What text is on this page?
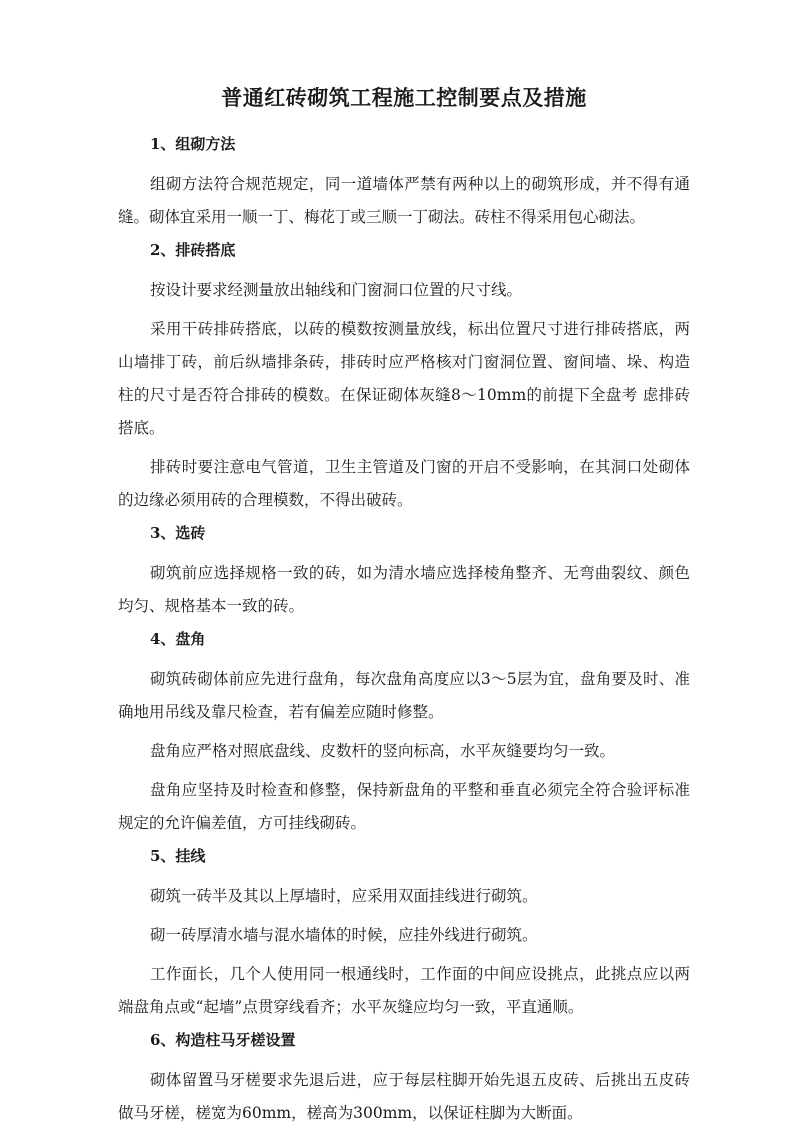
普通红砖砌筑工程施工控制要点及措施
1、组砌方法

组砌方法符合规范规定，同一道墙体严禁有两种以上的砌筑形成，并不得有通缝。砌体宜采用一顺一丁、梅花丁或三顺一丁砌法。砖柱不得采用包心砌法。

2、排砖搭底

按设计要求经测量放出轴线和门窗洞口位置的尺寸线。

采用干砖排砖搭底，以砖的模数按测量放线，标出位置尺寸进行排砖搭底，两山墙排丁砖，前后纵墙排条砖，排砖时应严格核对门窗洞位置、窗间墙、垛、构造柱的尺寸是否符合排砖的模数。在保证砌体灰缝8～10mm的前提下全盘考 虑排砖搭底。

排砖时要注意电气管道，卫生主管道及门窗的开启不受影响，在其洞口处砌体的边缘必须用砖的合理模数，不得出破砖。

3、选砖

砌筑前应选择规格一致的砖，如为清水墙应选择棱角整齐、无弯曲裂纹、颜色均匀、规格基本一致的砖。

4、盘角

砌筑砖砌体前应先进行盘角，每次盘角高度应以3～5层为宜，盘角要及时、准确地用吊线及靠尺检查，若有偏差应随时修整。

盘角应严格对照底盘线、皮数杆的竖向标高，水平灰缝要均匀一致。

盘角应坚持及时检查和修整，保持新盘角的平整和垂直必须完全符合验评标准规定的允许偏差值，方可挂线砌砖。

5、挂线

砌筑一砖半及其以上厚墙时，应采用双面挂线进行砌筑。

砌一砖厚清水墙与混水墙体的时候，应挂外线进行砌筑。

工作面长，几个人使用同一根通线时，工作面的中间应设挑点，此挑点应以两端盘角点或“起墙”点贯穿线看齐；水平灰缝应均匀一致，平直通顺。

6、构造柱马牙槎设置

砌体留置马牙槎要求先退后进，应于每层柱脚开始先退五皮砖、后挑出五皮砖做马牙槎，槎宽为60mm，槎高为300mm，以保证柱脚为大断面。
